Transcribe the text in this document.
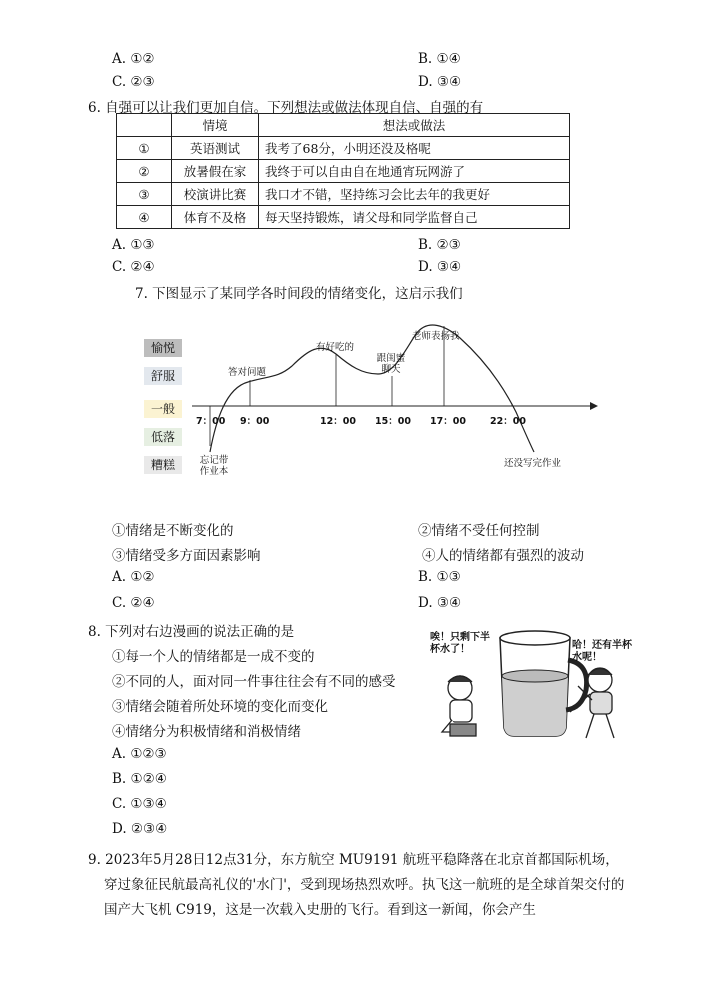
A. ①②	B. ①④
C. ②③	D. ③④
6. 自强可以让我们更加自信。下列想法或做法体现自信、自强的有
	情境	想法或做法
①	英语测试	我考了68分，小明还没及格呢
②	放暑假在家	我终于可以自由自在地通宵玩网游了
③	校演讲比赛	我口才不错，坚持练习会比去年的我更好
④	体育不及格	每天坚持锻炼，请父母和同学监督自己
A. ①③	B. ②③
C. ②④	D. ③④
7. 下图显示了某同学各时间段的情绪变化，这启示我们
愉悦
舒服
一般
低落
糟糕
7：00 9：00	12：00 15：00 17：00	22：00
忘记带作业本
答对问题
有好吃的
跟闺蜜聊天
老师表扬我
还没写完作业
①情绪是不断变化的	②情绪不受任何控制
③情绪受多方面因素影响	④人的情绪都有强烈的波动
A. ①②	B. ①③
C. ②④	D. ③④
8. 下列对右边漫画的说法正确的是
①每一个人的情绪都是一成不变的
②不同的人，面对同一件事往往会有不同的感受
③情绪会随着所处环境的变化而变化
④情绪分为积极情绪和消极情绪
A. ①②③
B. ①②④
C. ①③④
D. ②③④
唉！只剩下半杯水了！	哈！还有半杯水呢！
9. 2023年5月28日12点31分，东方航空 MU9191 航班平稳降落在北京首都国际机场，
穿过象征民航最高礼仪的'水门'，受到现场热烈欢呼。执飞这一航班的是全球首架交付的
国产大飞机 C919，这是一次载入史册的飞行。看到这一新闻，你会产生
